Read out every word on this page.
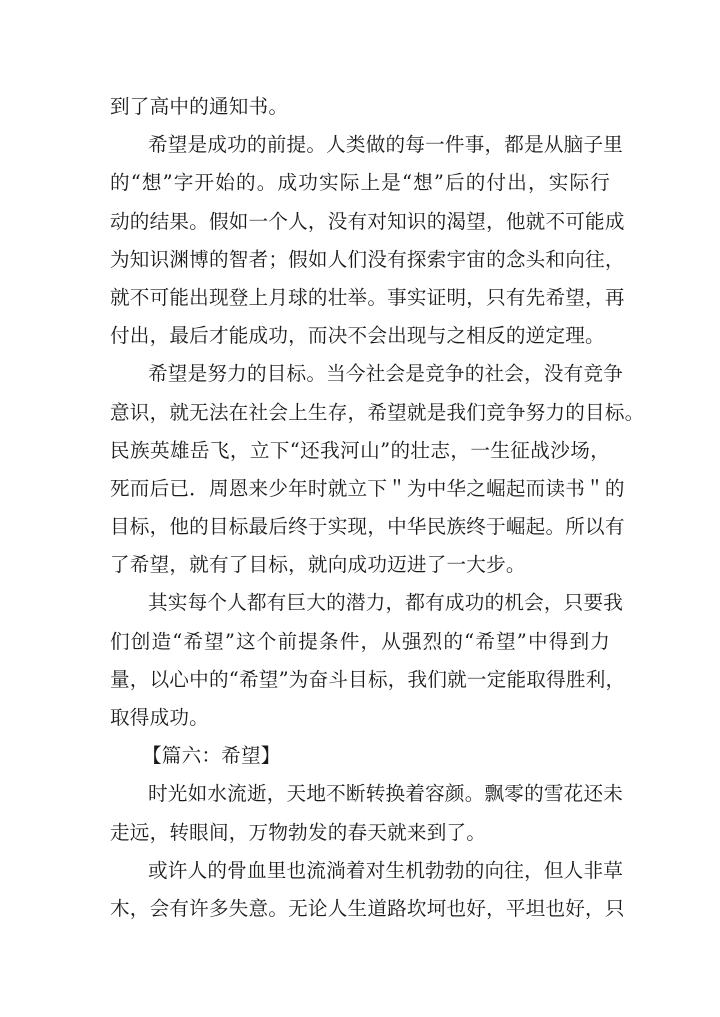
到了高中的通知书。
希望是成功的前提。人类做的每一件事，都是从脑子里
的“想”字开始的。成功实际上是“想”后的付出，实际行
动的结果。假如一个人，没有对知识的渴望，他就不可能成
为知识渊博的智者；假如人们没有探索宇宙的念头和向往，
就不可能出现登上月球的壮举。事实证明，只有先希望，再
付出，最后才能成功，而决不会出现与之相反的逆定理。
希望是努力的目标。当今社会是竞争的社会，没有竞争
意识，就无法在社会上生存，希望就是我们竞争努力的目标。
民族英雄岳飞，立下“还我河山”的壮志，一生征战沙场，
死而后已．周恩来少年时就立下＂为中华之崛起而读书＂的
目标，他的目标最后终于实现，中华民族终于崛起。所以有
了希望，就有了目标，就向成功迈进了一大步。
其实每个人都有巨大的潜力，都有成功的机会，只要我
们创造“希望”这个前提条件，从强烈的“希望”中得到力
量，以心中的“希望”为奋斗目标，我们就一定能取得胜利，
取得成功。
【篇六：希望】
时光如水流逝，天地不断转换着容颜。飘零的雪花还未
走远，转眼间，万物勃发的春天就来到了。
或许人的骨血里也流淌着对生机勃勃的向往，但人非草
木，会有许多失意。无论人生道路坎坷也好，平坦也好，只
